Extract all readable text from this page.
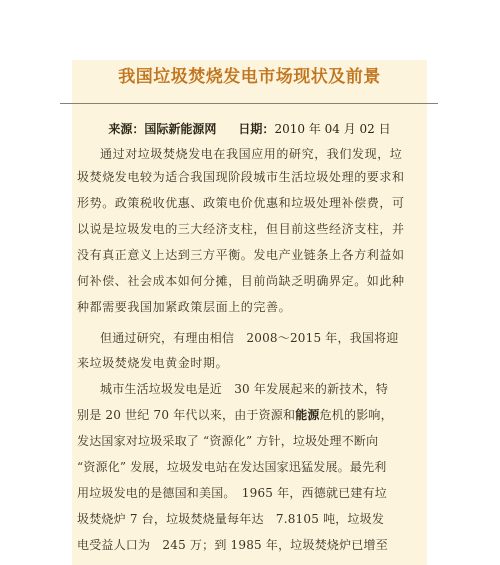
我国垃圾焚烧发电市场现状及前景
来源：国际新能源网 日期：2010 年 04 月 02 日
通过对垃圾焚烧发电在我国应用的研究，我们发现，垃
圾焚烧发电较为适合我国现阶段城市生活垃圾处理的要求和
形势。政策税收优惠、政策电价优惠和垃圾处理补偿费，可
以说是垃圾发电的三大经济支柱，但目前这些经济支柱，并
没有真正意义上达到三方平衡。发电产业链条上各方利益如
何补偿、社会成本如何分摊，目前尚缺乏明确界定。如此种
种都需要我国加紧政策层面上的完善。
但通过研究，有理由相信　2008～2015 年，我国将迎
来垃圾焚烧发电黄金时期。
城市生活垃圾发电是近　30 年发展起来的新技术，特
别是 20 世纪 70 年代以来，由于资源和能源危机的影响，
发达国家对垃圾采取了 “资源化” 方针，垃圾处理不断向
“资源化” 发展，垃圾发电站在发达国家迅猛发展。最先利
用垃圾发电的是德国和美国。　1965 年，西德就已建有垃
圾焚烧炉 7 台，垃圾焚烧量每年达　7.8105 吨，垃圾发
电受益人口为　245 万；到 1985 年，垃圾焚烧炉已增至
